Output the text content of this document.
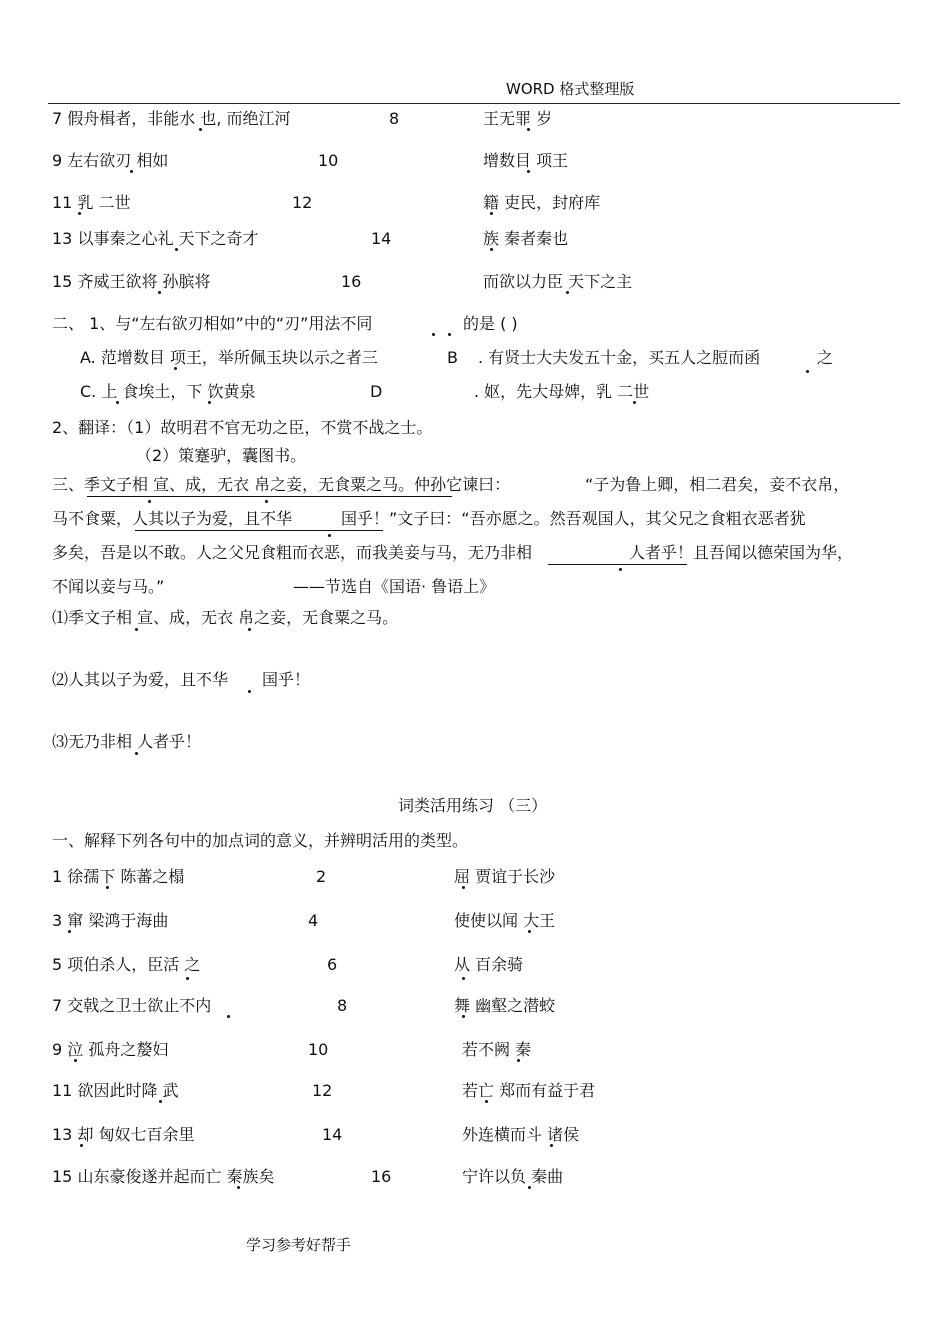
WORD 格式整理版
7 假舟楫者，非能水 也, 而绝江河	8	王无罪 岁
9 左右欲刃 相如	10	增数目 项王
11 乳 二世	12	籍 吏民，封府库
13 以事秦之心礼 天下之奇才	14	族 秦者秦也
15 齐威王欲将 孙膑将	16	而欲以力臣 天下之主
二、 1、与“左右欲刃相如”中的“刃”用法不同	的是 ( )
A. 范增数目 项王，举所佩玉块以示之者三	B . 有贤士大夫发五十金，买五人之脰而函	之
C. 上 食埃土，下 饮黄泉	D	. 妪，先大母婢，乳 二世
2、翻译：（1）故明君不官无功之臣，不赏不战之士。
（2）策蹇驴，囊图书。
三、季文子相 宣、成，无衣 帛之妾，无食粟之马。仲孙它谏曰：	“子为鲁上卿，相二君矣，妾不衣帛，
马不食粟，人其以子为爱，且不华	国乎！”文子曰：“吾亦愿之。然吾观国人，其父兄之食粗衣恶者犹
多矣，吾是以不敢。人之父兄食粗而衣恶，而我美妾与马，无乃非相	人者乎！且吾闻以德荣国为华，
不闻以妾与马。”	——节选自《国语· 鲁语上》
⑴季文子相 宣、成，无衣 帛之妾，无食粟之马。
⑵人其以子为爱，且不华 国乎！
⑶无乃非相 人者乎！
词类活用练习 （三）
一、解释下列各句中的加点词的意义，并辨明活用的类型。
1 徐孺下 陈蕃之榻	2	屈 贾谊于长沙
3 窜 梁鸿于海曲	4	使使以闻 大王
5 项伯杀人，臣活 之	6	从 百余骑
7 交戟之卫士欲止不内	8	舞 幽壑之潜蛟
9 泣 孤舟之嫠妇	10	若不阙 秦
11 欲因此时降 武	12	若亡 郑而有益于君
13 却 匈奴七百余里	14	外连横而斗 诸侯
15 山东豪俊遂并起而亡 秦族矣	16	宁许以负 秦曲
学习参考好帮手
